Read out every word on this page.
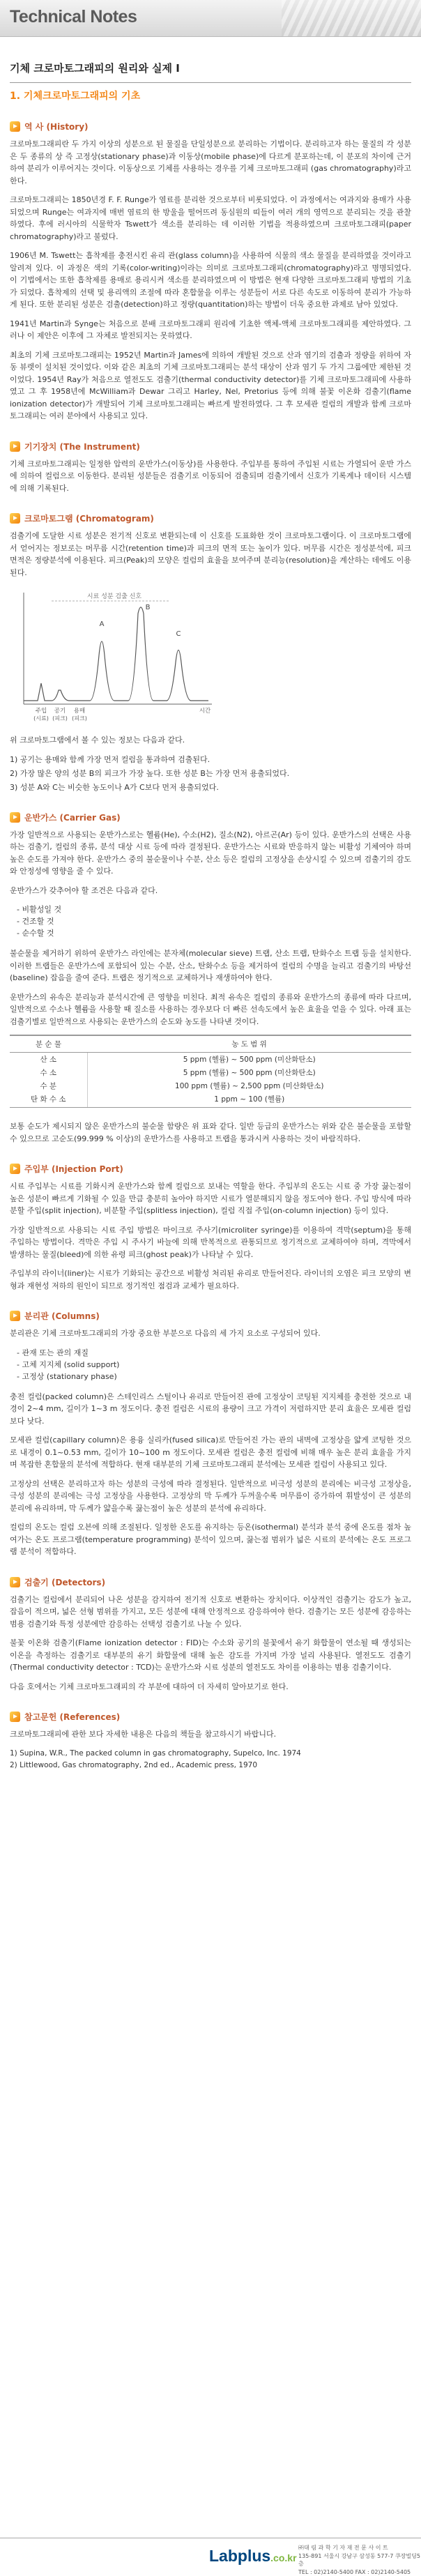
Technical Notes
기체 크로마토그래피의 원리와 실제 I
1. 기체크로마토그래피의 기초
역 사 (History)

크로마토그래피란 두 가지 이상의 성분으로 된 물질을 단일성분으로 분리하는 기법이다. 분리하고자 하는 물질의 각 성분은 두 종류의 상 즉 고정상(stationary phase)과 이동상(mobile phase)에 다르게 분포하는데, 이 분포의 차이에 근거하여 분리가 이루어지는 것이다. 이동상으로 기체를 사용하는 경우를 기체 크로마토그래피 (gas chromatography)라고 한다.

크로마토그래피는 1850년경 F. F. Runge가 염료를 분리한 것으로부터 비롯되었다. 이 과정에서는 여과지와 용매가 사용되었으며 Runge는 여과지에 매번 염료의 한 방울을 떨어뜨려 동심원의 띠들이 여러 개의 영역으로 분리되는 것을 관찰하였다. 후에 러시아의 식물학자 Tswett가 색소를 분리하는 데 이러한 기법을 적용하였으며 크로마토그래피(paper chromatography)라고 불렀다.

1906년 M. Tswett는 흡착제를 충전시킨 유리 관(glass column)을 사용하여 식물의 색소 물질을 분리하였을 것이라고 알려져 있다. 이 과정은 색의 기록(color-writing)이라는 의미로 크로마토그래피(chromatography)라고 명명되었다. 이 기법에서는 또한 흡착제를 용매로 용리시켜 색소를 분리하였으며 이 방법은 현재 다양한 크로마토그래피 방법의 기초가 되었다. 흡착제의 선택 및 용리액의 조절에 따라 혼합물을 이루는 성분들이 서로 다른 속도로 이동하여 분리가 가능하게 된다. 또한 분리된 성분은 검출(detection)하고 정량(quantitation)하는 방법이 더욱 중요한 과제로 남아 있었다.

1941년 Martin과 Synge는 처음으로 분배 크로마토그래피 원리에 기초한 액체-액체 크로마토그래피를 제안하였다. 그러나 이 제안은 이후에 그 자체로 발전되지는 못하였다.

최초의 기체 크로마토그래피는 1952년 Martin과 James에 의하여 개발된 것으로 산과 염기의 검출과 정량을 위하여 자동 뷰렛이 설치된 것이었다. 이와 같은 최초의 기체 크로마토그래피는 분석 대상이 산과 염기 두 가지 그룹에만 제한된 것이었다. 1954년 Ray가 처음으로 열전도도 검출기(thermal conductivity detector)를 기체 크로마토그래피에 사용하였고 그 후 1958년에 McWilliam과 Dewar 그리고 Harley, Nel, Pretorius 등에 의해 불꽃 이온화 검출기(flame ionization detector)가 개발되어 기체 크로마토그래피는 빠르게 발전하였다. 그 후 모세관 컬럼의 개발과 함께 크로마토그래피는 여러 분야에서 사용되고 있다.

기기장치 (The Instrument)

기체 크로마토그래피는 일정한 압력의 운반가스(이동상)를 사용한다. 주입부를 통하여 주입된 시료는 가열되어 운반 가스에 의하여 컬럼으로 이동한다. 분리된 성분들은 검출기로 이동되어 검출되며 검출기에서 신호가 기록계나 데이터 시스템에 의해 기록된다.

크로마토그램 (Chromatogram)

검출기에 도달한 시료 성분은 전기적 신호로 변환되는데 이 신호를 도표화한 것이 크로마토그램이다. 이 크로마토그램에서 얻어지는 정보로는 머무름 시간(retention time)과 피크의 면적 또는 높이가 있다. 머무름 시간은 정성분석에, 피크 면적은 정량분석에 이용된다. 피크(Peak)의 모양은 컬럼의 효율을 보여주며 분리능(resolution)을 계산하는 데에도 이용된다.

시료 성분 검출 신호
A
B
C
주입 공기 용매
(시료) (피크) (피크)
시간

위 크로마토그램에서 볼 수 있는 정보는 다음과 같다.

1) 공기는 용매와 함께 가장 먼저 컬럼을 통과하여 검출된다.
2) 가장 많은 양의 성분 B의 피크가 가장 높다. 또한 성분 B는 가장 먼저 용출되었다.
3) 성분 A와 C는 비슷한 농도이나 A가 C보다 먼저 용출되었다.
운반가스 (Carrier Gas)

가장 일반적으로 사용되는 운반가스로는 헬륨(He), 수소(H2), 질소(N2), 아르곤(Ar) 등이 있다. 운반가스의 선택은 사용하는 검출기, 컬럼의 종류, 분석 대상 시료 등에 따라 결정된다. 운반가스는 시료와 반응하지 않는 비활성 기체여야 하며 높은 순도를 가져야 한다. 운반가스 중의 불순물이나 수분, 산소 등은 컬럼의 고정상을 손상시킬 수 있으며 검출기의 감도와 안정성에 영향을 줄 수 있다.

운반가스가 갖추어야 할 조건은 다음과 같다.

- 비활성일 것
- 건조할 것
- 순수할 것

불순물을 제거하기 위하여 운반가스 라인에는 분자체(molecular sieve) 트랩, 산소 트랩, 탄화수소 트랩 등을 설치한다. 이러한 트랩들은 운반가스에 포함되어 있는 수분, 산소, 탄화수소 등을 제거하여 컬럼의 수명을 늘리고 검출기의 바탕선(baseline) 잡음을 줄여 준다. 트랩은 정기적으로 교체하거나 재생하여야 한다.

운반가스의 유속은 분리능과 분석시간에 큰 영향을 미친다. 최적 유속은 컬럼의 종류와 운반가스의 종류에 따라 다르며, 일반적으로 수소나 헬륨을 사용할 때 질소를 사용하는 경우보다 더 빠른 선속도에서 높은 효율을 얻을 수 있다. 아래 표는 검출기별로 일반적으로 사용되는 운반가스의 순도와 농도를 나타낸 것이다.

분 순 물	농 도 범 위
산 소	5 ppm (헬륨) ~ 500 ppm (미산화탄소)
수 소	5 ppm (헬륨) ~ 500 ppm (미산화탄소)
수 분	100 ppm (헬륨) ~ 2,500 ppm (미산화탄소)
탄 화 수 소	1 ppm ~ 100 (헬륨)

보통 순도가 제시되지 않은 운반가스의 불순물 함량은 위 표와 같다. 일반 등급의 운반가스는 위와 같은 불순물을 포함할 수 있으므로 고순도(99.999 % 이상)의 운반가스를 사용하고 트랩을 통과시켜 사용하는 것이 바람직하다.

주입부 (Injection Port)

시료 주입부는 시료를 기화시켜 운반가스와 함께 컬럼으로 보내는 역할을 한다. 주입부의 온도는 시료 중 가장 끓는점이 높은 성분이 빠르게 기화될 수 있을 만큼 충분히 높아야 하지만 시료가 열분해되지 않을 정도여야 한다. 주입 방식에 따라 분할 주입(split injection), 비분할 주입(splitless injection), 컬럼 직접 주입(on-column injection) 등이 있다.

가장 일반적으로 사용되는 시료 주입 방법은 마이크로 주사기(microliter syringe)를 이용하여 격막(septum)을 통해 주입하는 방법이다. 격막은 주입 시 주사기 바늘에 의해 반복적으로 관통되므로 정기적으로 교체하여야 하며, 격막에서 발생하는 물질(bleed)에 의한 유령 피크(ghost peak)가 나타날 수 있다.

주입부의 라이너(liner)는 시료가 기화되는 공간으로 비활성 처리된 유리로 만들어진다. 라이너의 오염은 피크 모양의 변형과 재현성 저하의 원인이 되므로 정기적인 점검과 교체가 필요하다.

분리관 (Columns)

분리관은 기체 크로마토그래피의 가장 중요한 부분으로 다음의 세 가지 요소로 구성되어 있다.

- 관재 또는 관의 재질
- 고체 지지체 (solid support)
- 고정상 (stationary phase)

충전 컬럼(packed column)은 스테인리스 스틸이나 유리로 만들어진 관에 고정상이 코팅된 지지체를 충전한 것으로 내경이 2~4 mm, 길이가 1~3 m 정도이다. 충전 컬럼은 시료의 용량이 크고 가격이 저렴하지만 분리 효율은 모세관 컬럼보다 낮다.

모세관 컬럼(capillary column)은 용융 실리카(fused silica)로 만들어진 가는 관의 내벽에 고정상을 얇게 코팅한 것으로 내경이 0.1~0.53 mm, 길이가 10~100 m 정도이다. 모세관 컬럼은 충전 컬럼에 비해 매우 높은 분리 효율을 가지며 복잡한 혼합물의 분석에 적합하다. 현재 대부분의 기체 크로마토그래피 분석에는 모세관 컬럼이 사용되고 있다.

고정상의 선택은 분리하고자 하는 성분의 극성에 따라 결정된다. 일반적으로 비극성 성분의 분리에는 비극성 고정상을, 극성 성분의 분리에는 극성 고정상을 사용한다. 고정상의 막 두께가 두꺼울수록 머무름이 증가하여 휘발성이 큰 성분의 분리에 유리하며, 막 두께가 얇을수록 끓는점이 높은 성분의 분석에 유리하다.

컬럼의 온도는 컬럼 오븐에 의해 조절된다. 일정한 온도를 유지하는 등온(isothermal) 분석과 분석 중에 온도를 점차 높여가는 온도 프로그램(temperature programming) 분석이 있으며, 끓는점 범위가 넓은 시료의 분석에는 온도 프로그램 분석이 적합하다.

검출기 (Detectors)

검출기는 컬럼에서 분리되어 나온 성분을 감지하여 전기적 신호로 변환하는 장치이다. 이상적인 검출기는 감도가 높고, 잡음이 적으며, 넓은 선형 범위를 가지고, 모든 성분에 대해 안정적으로 감응하여야 한다. 검출기는 모든 성분에 감응하는 범용 검출기와 특정 성분에만 감응하는 선택성 검출기로 나눌 수 있다.

불꽃 이온화 검출기(Flame ionization detector : FID)는 수소와 공기의 불꽃에서 유기 화합물이 연소될 때 생성되는 이온을 측정하는 검출기로 대부분의 유기 화합물에 대해 높은 감도를 가지며 가장 널리 사용된다. 열전도도 검출기(Thermal conductivity detector : TCD)는 운반가스와 시료 성분의 열전도도 차이를 이용하는 범용 검출기이다.

다음 호에서는 기체 크로마토그래피의 각 부분에 대하여 더 자세히 알아보기로 한다.

참고문헌 (References)

크로마토그래피에 관한 보다 자세한 내용은 다음의 책들을 참고하시기 바랍니다.

1) Supina, W.R., The packed column in gas chromatography, Supelco, Inc. 1974
2) Littlewood, Gas chromatography, 2nd ed., Academic press, 1970
Labplus.co.kr
㈜대 림 과 학 기 자 재 전 문 사 이 트
135-891 서울시 강남구 삼성동 577-7 쿠장빌딩5층
TEL : 02)2140-5400 FAX : 02)2140-5405
